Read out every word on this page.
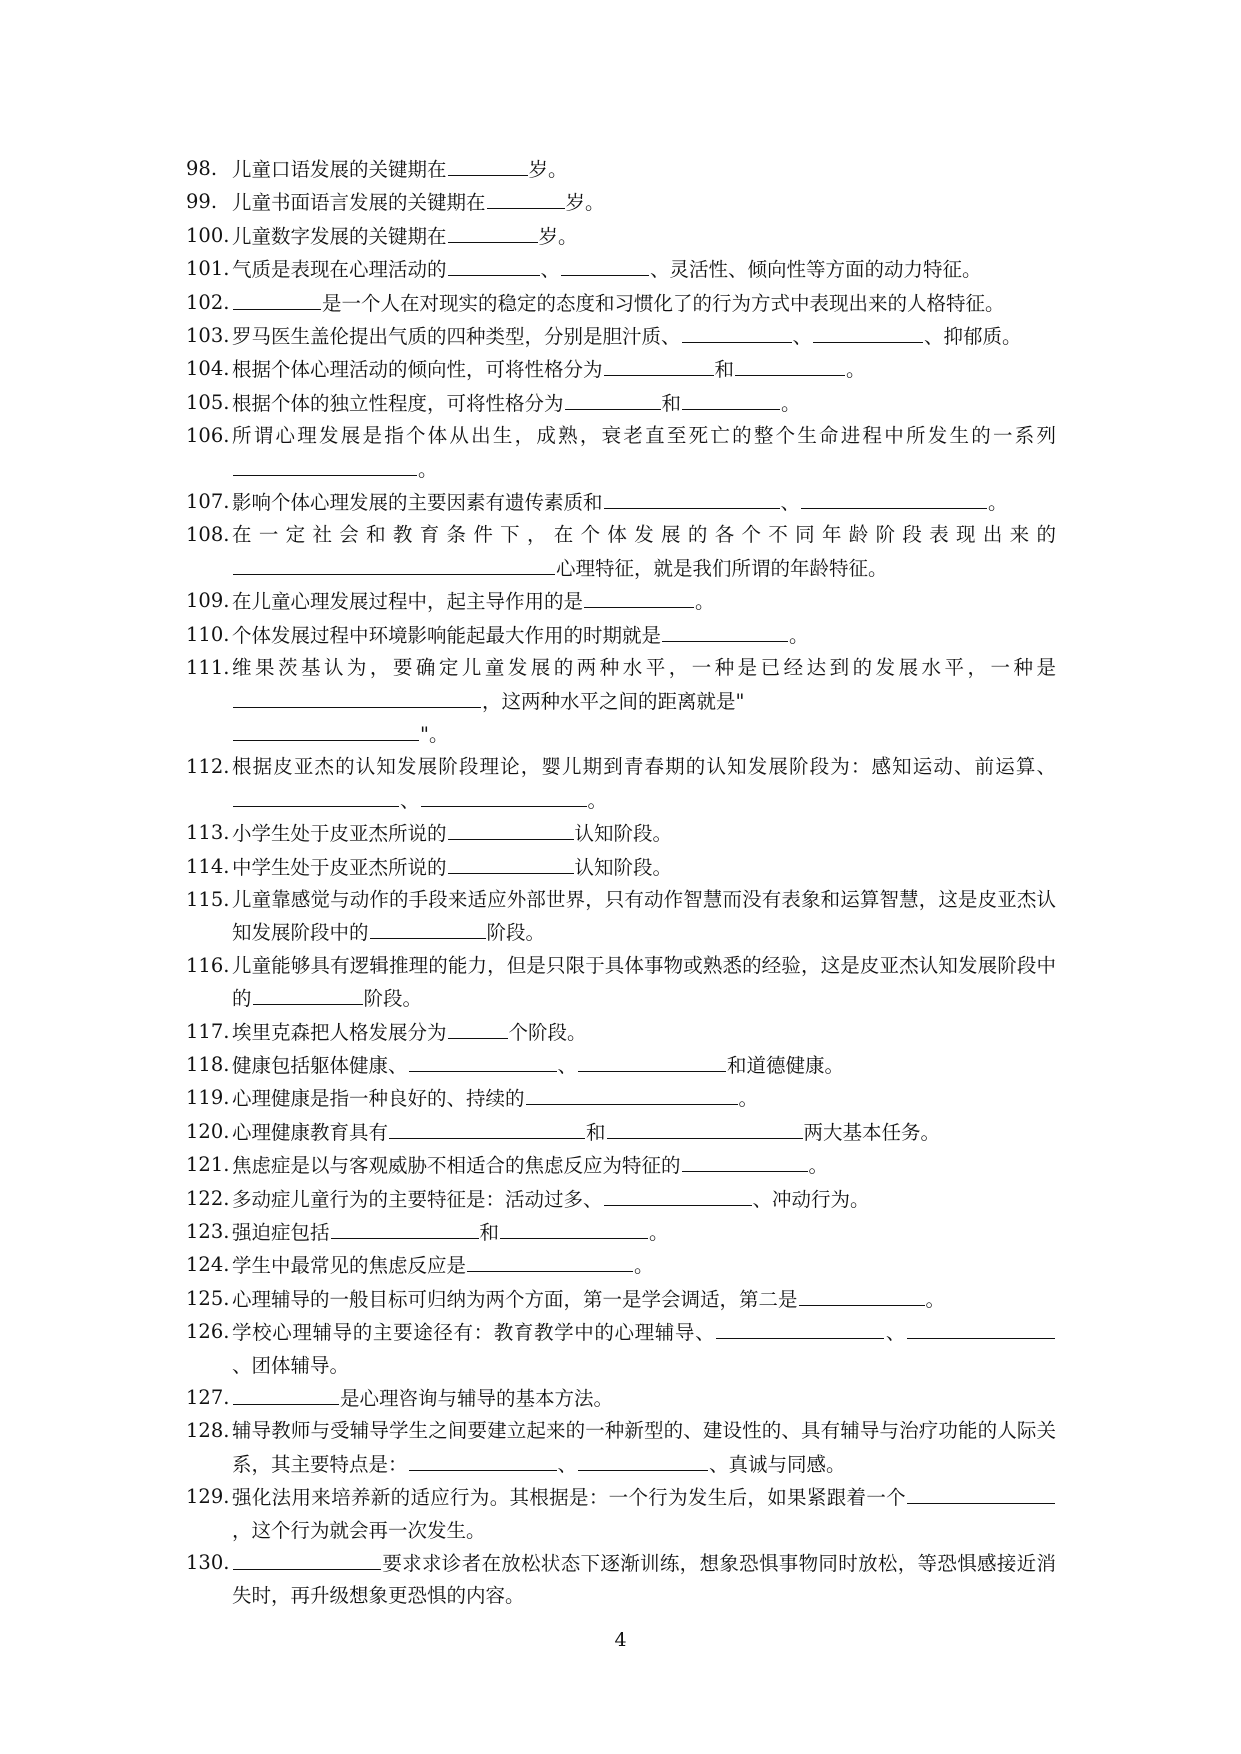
98. 儿童口语发展的关键期在	岁。
99. 儿童书面语言发展的关键期在	岁。
100. 儿童数字发展的关键期在	岁。
101. 气质是表现在心理活动的	、	、灵活性、倾向性等方面的动力特征。
102.	是一个人在对现实的稳定的态度和习惯化了的行为方式中表现出来的人格特征。
103. 罗马医生盖伦提出气质的四种类型，分别是胆汁质、	、	、抑郁质。
104. 根据个体心理活动的倾向性，可将性格分为	和	。
105. 根据个体的独立性程度，可将性格分为	和	。
106. 所谓心理发展是指个体从出生，成熟，衰老直至死亡的整个生命进程中所发生的一系列。
107. 影响个体心理发展的主要因素有遗传素质和	、	。
108. 在一定社会和教育条件下，在个体发展的各个不同年龄阶段表现出来的心理特征，就是我们所谓的年龄特征。
109. 在儿童心理发展过程中，起主导作用的是	。
110. 个体发展过程中环境影响能起最大作用的时期就是	。
111. 维果茨基认为，要确定儿童发展的两种水平，一种是已经达到的发展水平，一种是，这两种水平之间的距离就是"
"。
112. 根据皮亚杰的认知发展阶段理论，婴儿期到青春期的认知发展阶段为：感知运动、前运算、、	。
113. 小学生处于皮亚杰所说的	认知阶段。
114. 中学生处于皮亚杰所说的	认知阶段。
115. 儿童靠感觉与动作的手段来适应外部世界，只有动作智慧而没有表象和运算智慧，这是皮亚杰认知发展阶段中的	阶段。
116. 儿童能够具有逻辑推理的能力，但是只限于具体事物或熟悉的经验，这是皮亚杰认知发展阶段中的	阶段。
117. 埃里克森把人格发展分为	个阶段。
118. 健康包括躯体健康、	、	和道德健康。
119. 心理健康是指一种良好的、持续的	。
120. 心理健康教育具有	和	两大基本任务。
121. 焦虑症是以与客观威胁不相适合的焦虑反应为特征的	。
122. 多动症儿童行为的主要特征是：活动过多、	、冲动行为。
123. 强迫症包括	和	。
124. 学生中最常见的焦虑反应是	。
125. 心理辅导的一般目标可归纳为两个方面，第一是学会调适，第二是	。
126. 学校心理辅导的主要途径有：教育教学中的心理辅导、	、、团体辅导。
127.	是心理咨询与辅导的基本方法。
128. 辅导教师与受辅导学生之间要建立起来的一种新型的、建设性的、具有辅导与治疗功能的人际关系，其主要特点是：	、	、真诚与同感。
129. 强化法用来培养新的适应行为。其根据是：一个行为发生后，如果紧跟着一个，这个行为就会再一次发生。
130.	要求求诊者在放松状态下逐渐训练，想象恐惧事物同时放松，等恐惧感接近消失时，再升级想象更恐惧的内容。
4
